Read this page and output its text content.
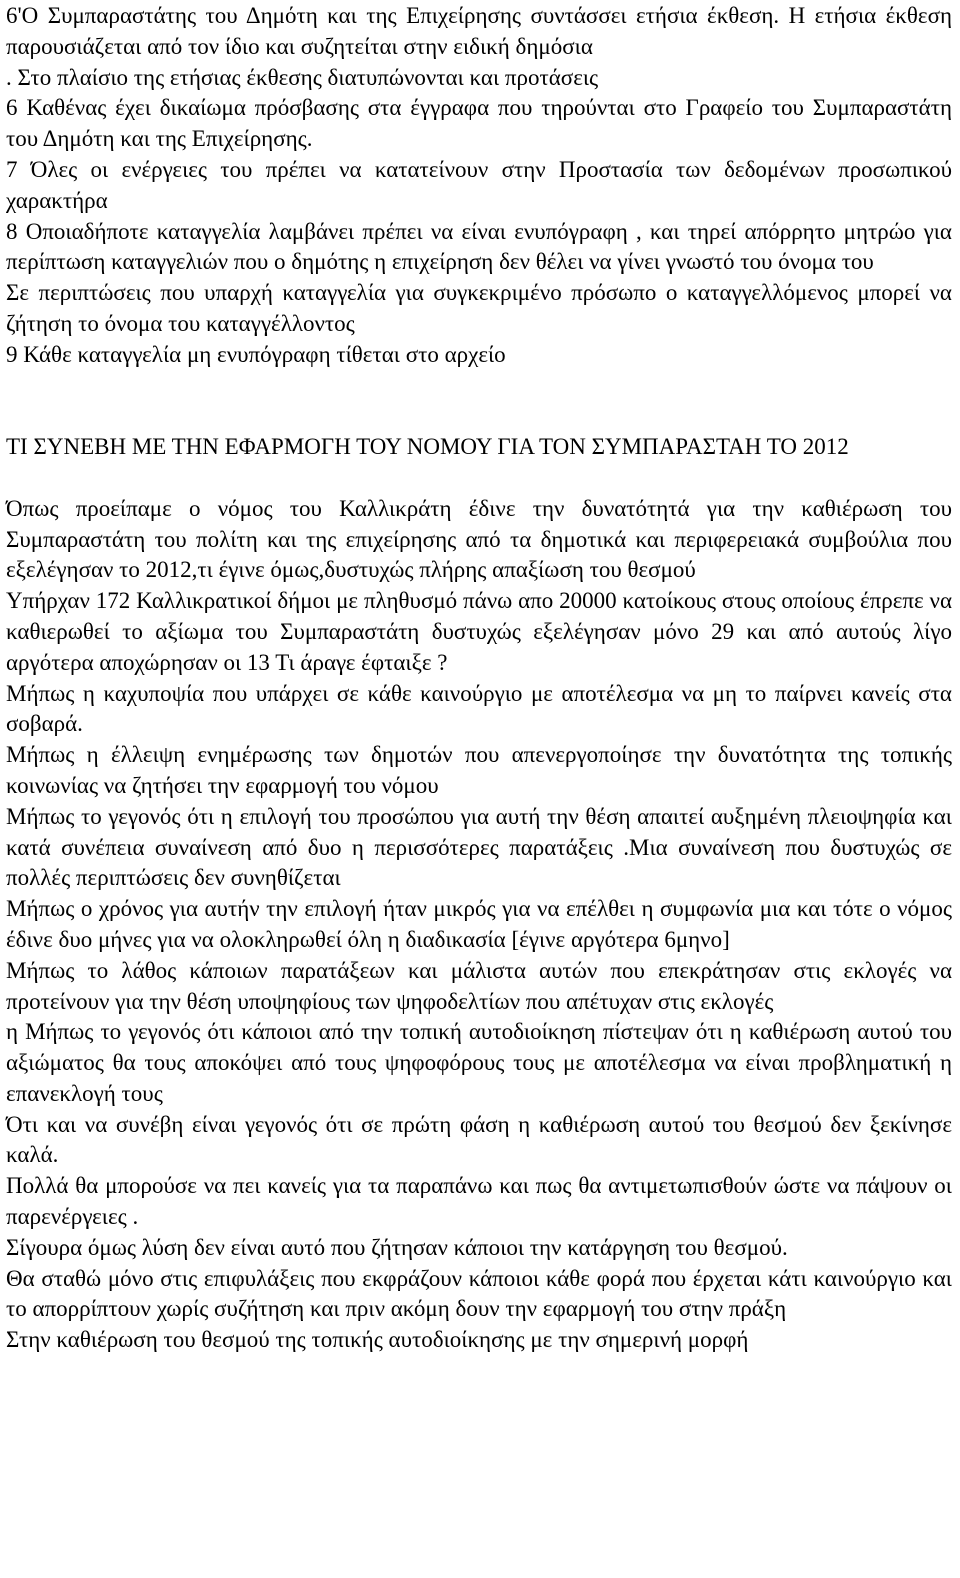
6'Ο Συμπαραστάτης του Δημότη και της Επιχείρησης συντάσσει ετήσια έκθεση. Η ετήσια έκθεση παρουσιάζεται από τον ίδιο και συζητείται στην ειδική δημόσια

. Στο πλαίσιο της ετήσιας έκθεσης διατυπώνονται και προτάσεις

6 Καθένας έχει δικαίωμα πρόσβασης στα έγγραφα που τηρούνται στο Γραφείο του Συμπαραστάτη του Δημότη και της Επιχείρησης.

7 Όλες οι ενέργειες του πρέπει να κατατείνουν στην Προστασία των δεδομένων προσωπικού χαρακτήρα

8 Οποιαδήποτε καταγγελία λαμβάνει πρέπει να είναι ενυπόγραφη , και τηρεί απόρρητο μητρώο για περίπτωση καταγγελιών που ο δημότης η επιχείρηση δεν θέλει να γίνει γνωστό του όνομα του

Σε περιπτώσεις που υπαρχή καταγγελία για συγκεκριμένο πρόσωπο ο καταγγελλόμενος μπορεί να ζήτηση το όνομα του καταγγέλλοντος

9 Κάθε καταγγελία μη ενυπόγραφη τίθεται στο αρχείο

ΤΙ ΣΥΝΕΒΗ ΜΕ ΤΗΝ ΕΦΑΡΜΟΓΗ ΤΟΥ ΝΟΜΟΥ ΓΙΑ ΤΟΝ ΣΥΜΠΑΡΑΣΤΑΗ ΤΟ 2012

Όπως προείπαμε ο νόμος του Καλλικράτη έδινε την δυνατότητά για την καθιέρωση του Συμπαραστάτη του πολίτη και της επιχείρησης από τα δημοτικά και περιφερειακά συμβούλια που εξελέγησαν το 2012,τι έγινε όμως,δυστυχώς πλήρης απαξίωση του θεσμού

Υπήρχαν 172 Καλλικρατικοί δήμοι με πληθυσμό πάνω απο 20000 κατοίκους στους οποίους έπρεπε να καθιερωθεί το αξίωμα του Συμπαραστάτη δυστυχώς εξελέγησαν μόνο 29 και από αυτούς λίγο αργότερα αποχώρησαν οι 13 Τι άραγε έφταιξε ?

Μήπως η καχυποψία που υπάρχει σε κάθε καινούργιο με αποτέλεσμα να μη το παίρνει κανείς στα σοβαρά.

Μήπως η έλλειψη ενημέρωσης των δημοτών που απενεργοποίησε την δυνατότητα της τοπικής κοινωνίας να ζητήσει την εφαρμογή του νόμου

Μήπως το γεγονός ότι η επιλογή του προσώπου για αυτή την θέση απαιτεί αυξημένη πλειοψηφία και κατά συνέπεια συναίνεση από δυο η περισσότερες παρατάξεις .Μια συναίνεση που δυστυχώς σε πολλές περιπτώσεις δεν συνηθίζεται

Μήπως ο χρόνος για αυτήν την επιλογή ήταν μικρός για να επέλθει η συμφωνία μια και τότε ο νόμος έδινε δυο μήνες για να ολοκληρωθεί όλη η διαδικασία [έγινε αργότερα 6μηνο]

Μήπως το λάθος κάποιων παρατάξεων και μάλιστα αυτών που επεκράτησαν στις εκλογές να προτείνουν για την θέση υποψηφίους των ψηφοδελτίων που απέτυχαν στις εκλογές

η Μήπως το γεγονός ότι κάποιοι από την τοπική αυτοδιοίκηση πίστεψαν ότι η καθιέρωση αυτού του αξιώματος θα τους αποκόψει από τους ψηφοφόρους τους με αποτέλεσμα να είναι προβληματική η επανεκλογή τους

Ότι και να συνέβη είναι γεγονός ότι σε πρώτη φάση η καθιέρωση αυτού του θεσμού δεν ξεκίνησε καλά.

Πολλά θα μπορούσε να πει κανείς για τα παραπάνω και πως θα αντιμετωπισθούν ώστε να πάψουν οι παρενέργειες .

Σίγουρα όμως λύση δεν είναι αυτό που ζήτησαν κάποιοι την κατάργηση του θεσμού.

Θα σταθώ μόνο στις επιφυλάξεις που εκφράζουν κάποιοι κάθε φορά που έρχεται κάτι καινούργιο και το απορρίπτουν χωρίς συζήτηση και πριν ακόμη δουν την εφαρμογή του στην πράξη

Στην καθιέρωση του θεσμού της τοπικής αυτοδιοίκησης με την σημερινή μορφή
